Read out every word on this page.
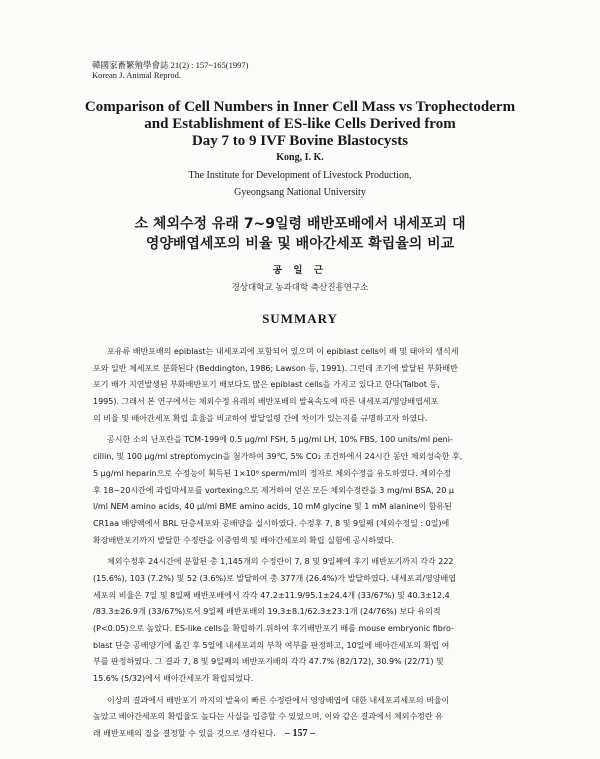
韓國家畜繁殖學會誌 21(2) : 157~165(1997)
Korean J. Animal Reprod.
Comparison of Cell Numbers in Inner Cell Mass vs Trophectoderm
and Establishment of ES-like Cells Derived from
Day 7 to 9 IVF Bovine Blastocysts
Kong, I. K.
The Institute for Development of Livestock Production,
Gyeongsang National University
소 체외수정 유래 7~9일령 배반포배에서 내세포괴 대
영양배엽세포의 비율 및 배아간세포 확립율의 비교
공 일 근
경상대학교 농과대학 축산진흥연구소
SUMMARY
포유류 배반포배의 epiblast는 내세포괴에 포함되어 있으며 이 epiblast cells이 배 및 태아의 생식세
포와 일반 체세포로 분화된다 (Beddington, 1986; Lawson 등, 1991). 그런데 조기에 발달된 부화배반
포기 배가 지연발생된 부화배반포기 배보다도 많은 epiblast cells을 가지고 있다고 한다(Talbot 등,
1995). 그래서 본 연구에서는 체외수정 유래의 배반포배의 발육속도에 따른 내세포괴/영양배엽세포
의 비율 및 배아간세포 확립 효율을 비교하여 발달일령 간에 차이가 있는지를 규명하고자 하였다.
공시한 소의 난포란을 TCM-199에 0.5 μg/ml FSH, 5 μg/ml LH, 10% FBS, 100 units/ml peni-
cillin, 및 100 μg/ml streptomycin을 첨가하여 39℃, 5% CO₂ 조건하에서 24시간 동안 체외성숙한 후,
5 μg/ml heparin으로 수정능이 획득된 1×10⁶ sperm/ml의 정자로 체외수정을 유도하였다. 체외수정
후 18~20시간에 과립막세포를 vortexing으로 제거하여 얻은 모든 체외수정란을 3 mg/ml BSA, 20 μ
l/ml NEM amino acids, 40 μl/ml BME amino acids, 10 mM glycine 및 1 mM alanine이 함유된
CR1aa 배양액에서 BRL 단층세포와 공배양을 실시하였다. 수정후 7, 8 및 9일째 (체외수정일 : 0일)에
확장배반포기까지 발달한 수정란을 이중염색 및 배아간세포의 확립 실험에 공시하였다.
체외수정후 24시간에 분할된 총 1,145개의 수정란이 7, 8 및 9일째에 후기 배반포기까지 각각 222
(15.6%), 103 (7.2%) 및 52 (3.6%)로 발달하여 총 377개 (26.4%)가 발달하였다. 내세포괴/영양배엽
세포의 비율은 7일 및 8일째 배반포배에서 각각 47.2±11.9/95.1±24.4개 (33/67%) 및 40.3±12.4
/83.3±26.9개 (33/67%)로서 9일째 배반포배의 19.3±8.1/62.3±23.1개 (24/76%) 보다 유의적
(P<0.05)으로 높았다. ES-like cells을 확립하기 위하여 후기배반포기 배를 mouse embryonic fibro-
blast 단층 공배양기에 옮긴 후 5일에 내세포괴의 부착 여부를 판정하고, 10일에 배아간세포의 확립 여
부를 판정하였다. 그 결과 7, 8 및 9일째의 배반포기배의 각각 47.7% (82/172), 30.9% (22/71) 및
15.6% (5/32)에서 배아간세포가 확립되었다.
이상의 결과에서 배반포기 까지의 발육이 빠른 수정란에서 영양배엽에 대한 내세포괴세포의 비율이
높았고 배아간세포의 확립율도 높다는 사실을 입증할 수 있었으며, 이와 같은 결과에서 체외수정란 유
래 배반포배의 질을 결정할 수 있을 것으로 생각된다. – 157 –
